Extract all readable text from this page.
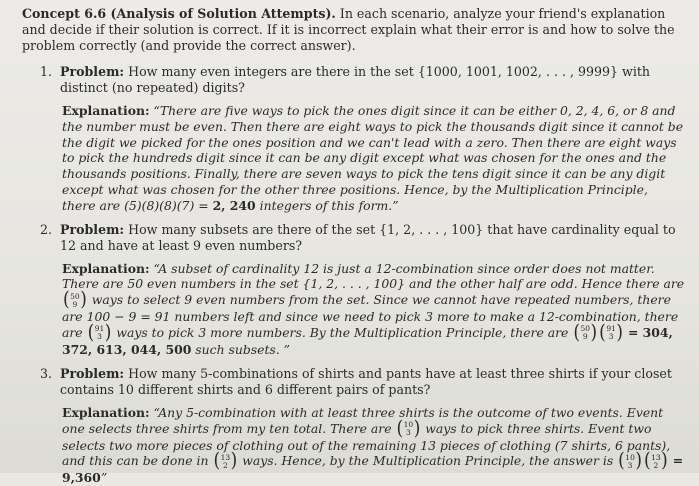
Concept 6.6 (Analysis of Solution Attempts). In each scenario, analyze your friend's explanation and decide if their solution is correct. If it is incorrect explain what their error is and how to solve the problem correctly (and provide the correct answer).

1. Problem: How many even integers are there in the set {1000, 1001, 1002, . . . , 9999} with distinct (no repeated) digits?

Explanation: “There are five ways to pick the ones digit since it can be either 0, 2, 4, 6, or 8 and the number must be even. Then there are eight ways to pick the thousands digit since it cannot be the digit we picked for the ones position and we can't lead with a zero. Then there are eight ways to pick the hundreds digit since it can be any digit except what was chosen for the ones and the thousands positions. Finally, there are seven ways to pick the tens digit since it can be any digit except what was chosen for the other three positions. Hence, by the Multiplication Principle, there are (5)(8)(8)(7) = 2, 240 integers of this form.”

2. Problem: How many subsets are there of the set {1, 2, . . . , 100} that have cardinality equal to 12 and have at least 9 even numbers?

Explanation: “A subset of cardinality 12 is just a 12-combination since order does not matter. There are 50 even numbers in the set {1, 2, . . . , 100} and the other half are odd. Hence there are
( 50
9 ) ways to select 9 even numbers from the set. Since we cannot have repeated numbers, there are 100 − 9 = 91 numbers left and since we need to pick 3 more to make a 12-combination, there are ( 91
3 ) ways to pick 3 more numbers. By the Multiplication Principle, there are ( 50
9 ) ( 91
3 ) = 304, 372, 613, 044, 500 such subsets. ”

3. Problem: How many 5-combinations of shirts and pants have at least three shirts if your closet contains 10 different shirts and 6 different pairs of pants?

Explanation: “Any 5-combination with at least three shirts is the outcome of two events. Event one selects three shirts from my ten total. There are ( 10
3 ) ways to pick three shirts. Event two selects two more pieces of clothing out of the remaining 13 pieces of clothing (7 shirts, 6 pants), and this can be done in ( 13
2 ) ways. Hence, by the Multiplication Principle, the answer is ( 10
3 ) ( 13
2 ) = 9,360”
